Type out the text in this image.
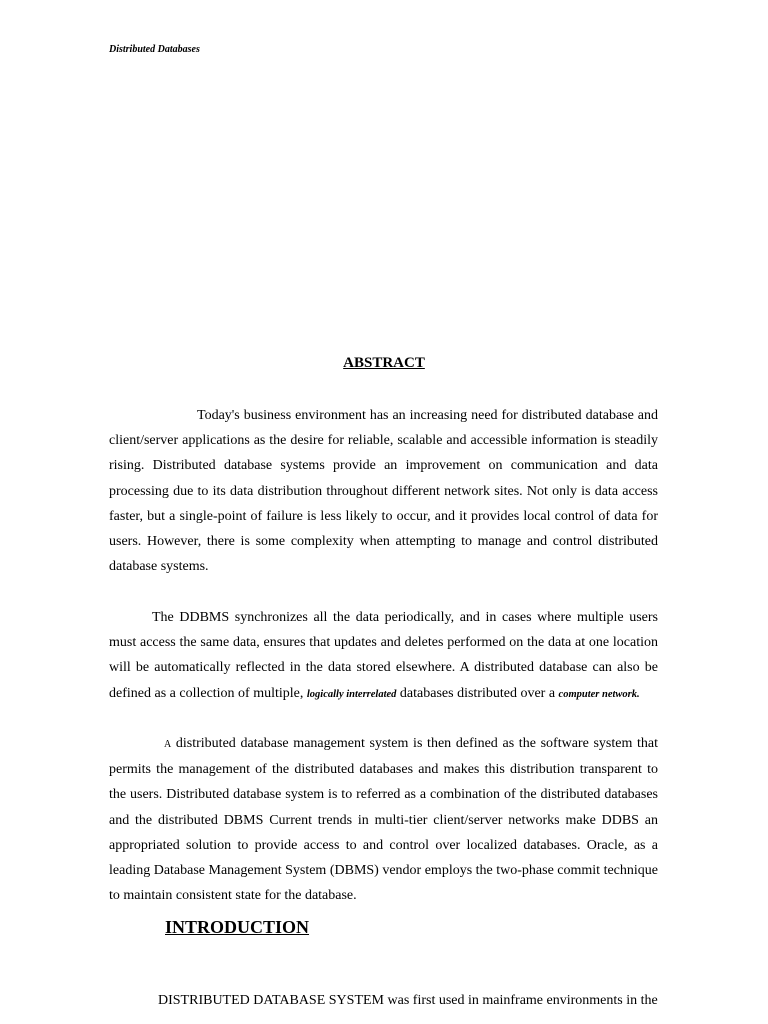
Distributed Databases
ABSTRACT

Today's business environment has an increasing need for distributed database and client/server applications as the desire for reliable, scalable and accessible information is steadily rising. Distributed database systems provide an improvement on communication and data processing due to its data distribution throughout different network sites. Not only is data access faster, but a single-point of failure is less likely to occur, and it provides local control of data for users. However, there is some complexity when attempting to manage and control distributed database systems.

The DDBMS synchronizes all the data periodically, and in cases where multiple users must access the same data, ensures that updates and deletes performed on the data at one location will be automatically reflected in the data stored elsewhere. A distributed database can also be defined as a collection of multiple, logically interrelated databases distributed over a computer network.

A distributed database management system is then defined as the software system that permits the management of the distributed databases and makes this distribution transparent to the users. Distributed database system is to referred as a combination of the distributed databases and the distributed DBMS Current trends in multi-tier client/server networks make DDBS an appropriated solution to provide access to and control over localized databases. Oracle, as a leading Database Management System (DBMS) vendor employs the two-phase commit technique to maintain consistent state for the database.

INTRODUCTION

DISTRIBUTED DATABASE SYSTEM was first used in mainframe environments in the
